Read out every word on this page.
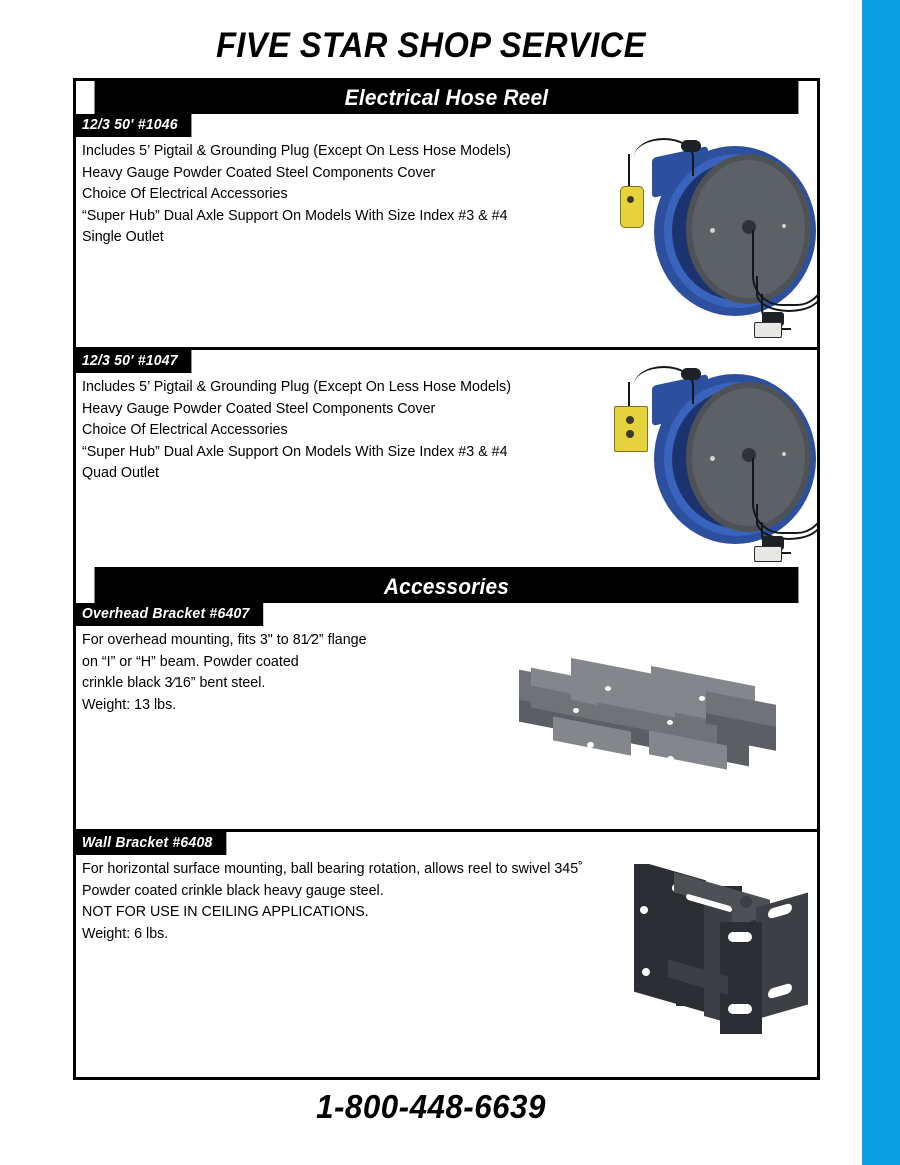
FIVE STAR SHOP SERVICE
Electrical Hose Reel
12/3 50' #1046
Includes 5’ Pigtail & Grounding Plug (Except On Less Hose Models)
Heavy Gauge Powder Coated Steel Components Cover
Choice Of Electrical Accessories
“Super Hub” Dual Axle Support On Models With Size Index #3 & #4
Single Outlet
12/3 50' #1047
Includes 5’ Pigtail & Grounding Plug (Except On Less Hose Models)
Heavy Gauge Powder Coated Steel Components Cover
Choice Of Electrical Accessories
“Super Hub” Dual Axle Support On Models With Size Index #3 & #4
Quad Outlet
Accessories
Overhead Bracket #6407
For overhead mounting, fits 3" to 81⁄2” flange
on “I” or “H” beam. Powder coated
crinkle black 3⁄16” bent steel.
Weight: 13 lbs.
Wall Bracket #6408
For horizontal surface mounting, ball bearing rotation, allows reel to swivel 345˚
Powder coated crinkle black heavy gauge steel.
NOT FOR USE IN CEILING APPLICATIONS.
Weight: 6 lbs.
1-800-448-6639
